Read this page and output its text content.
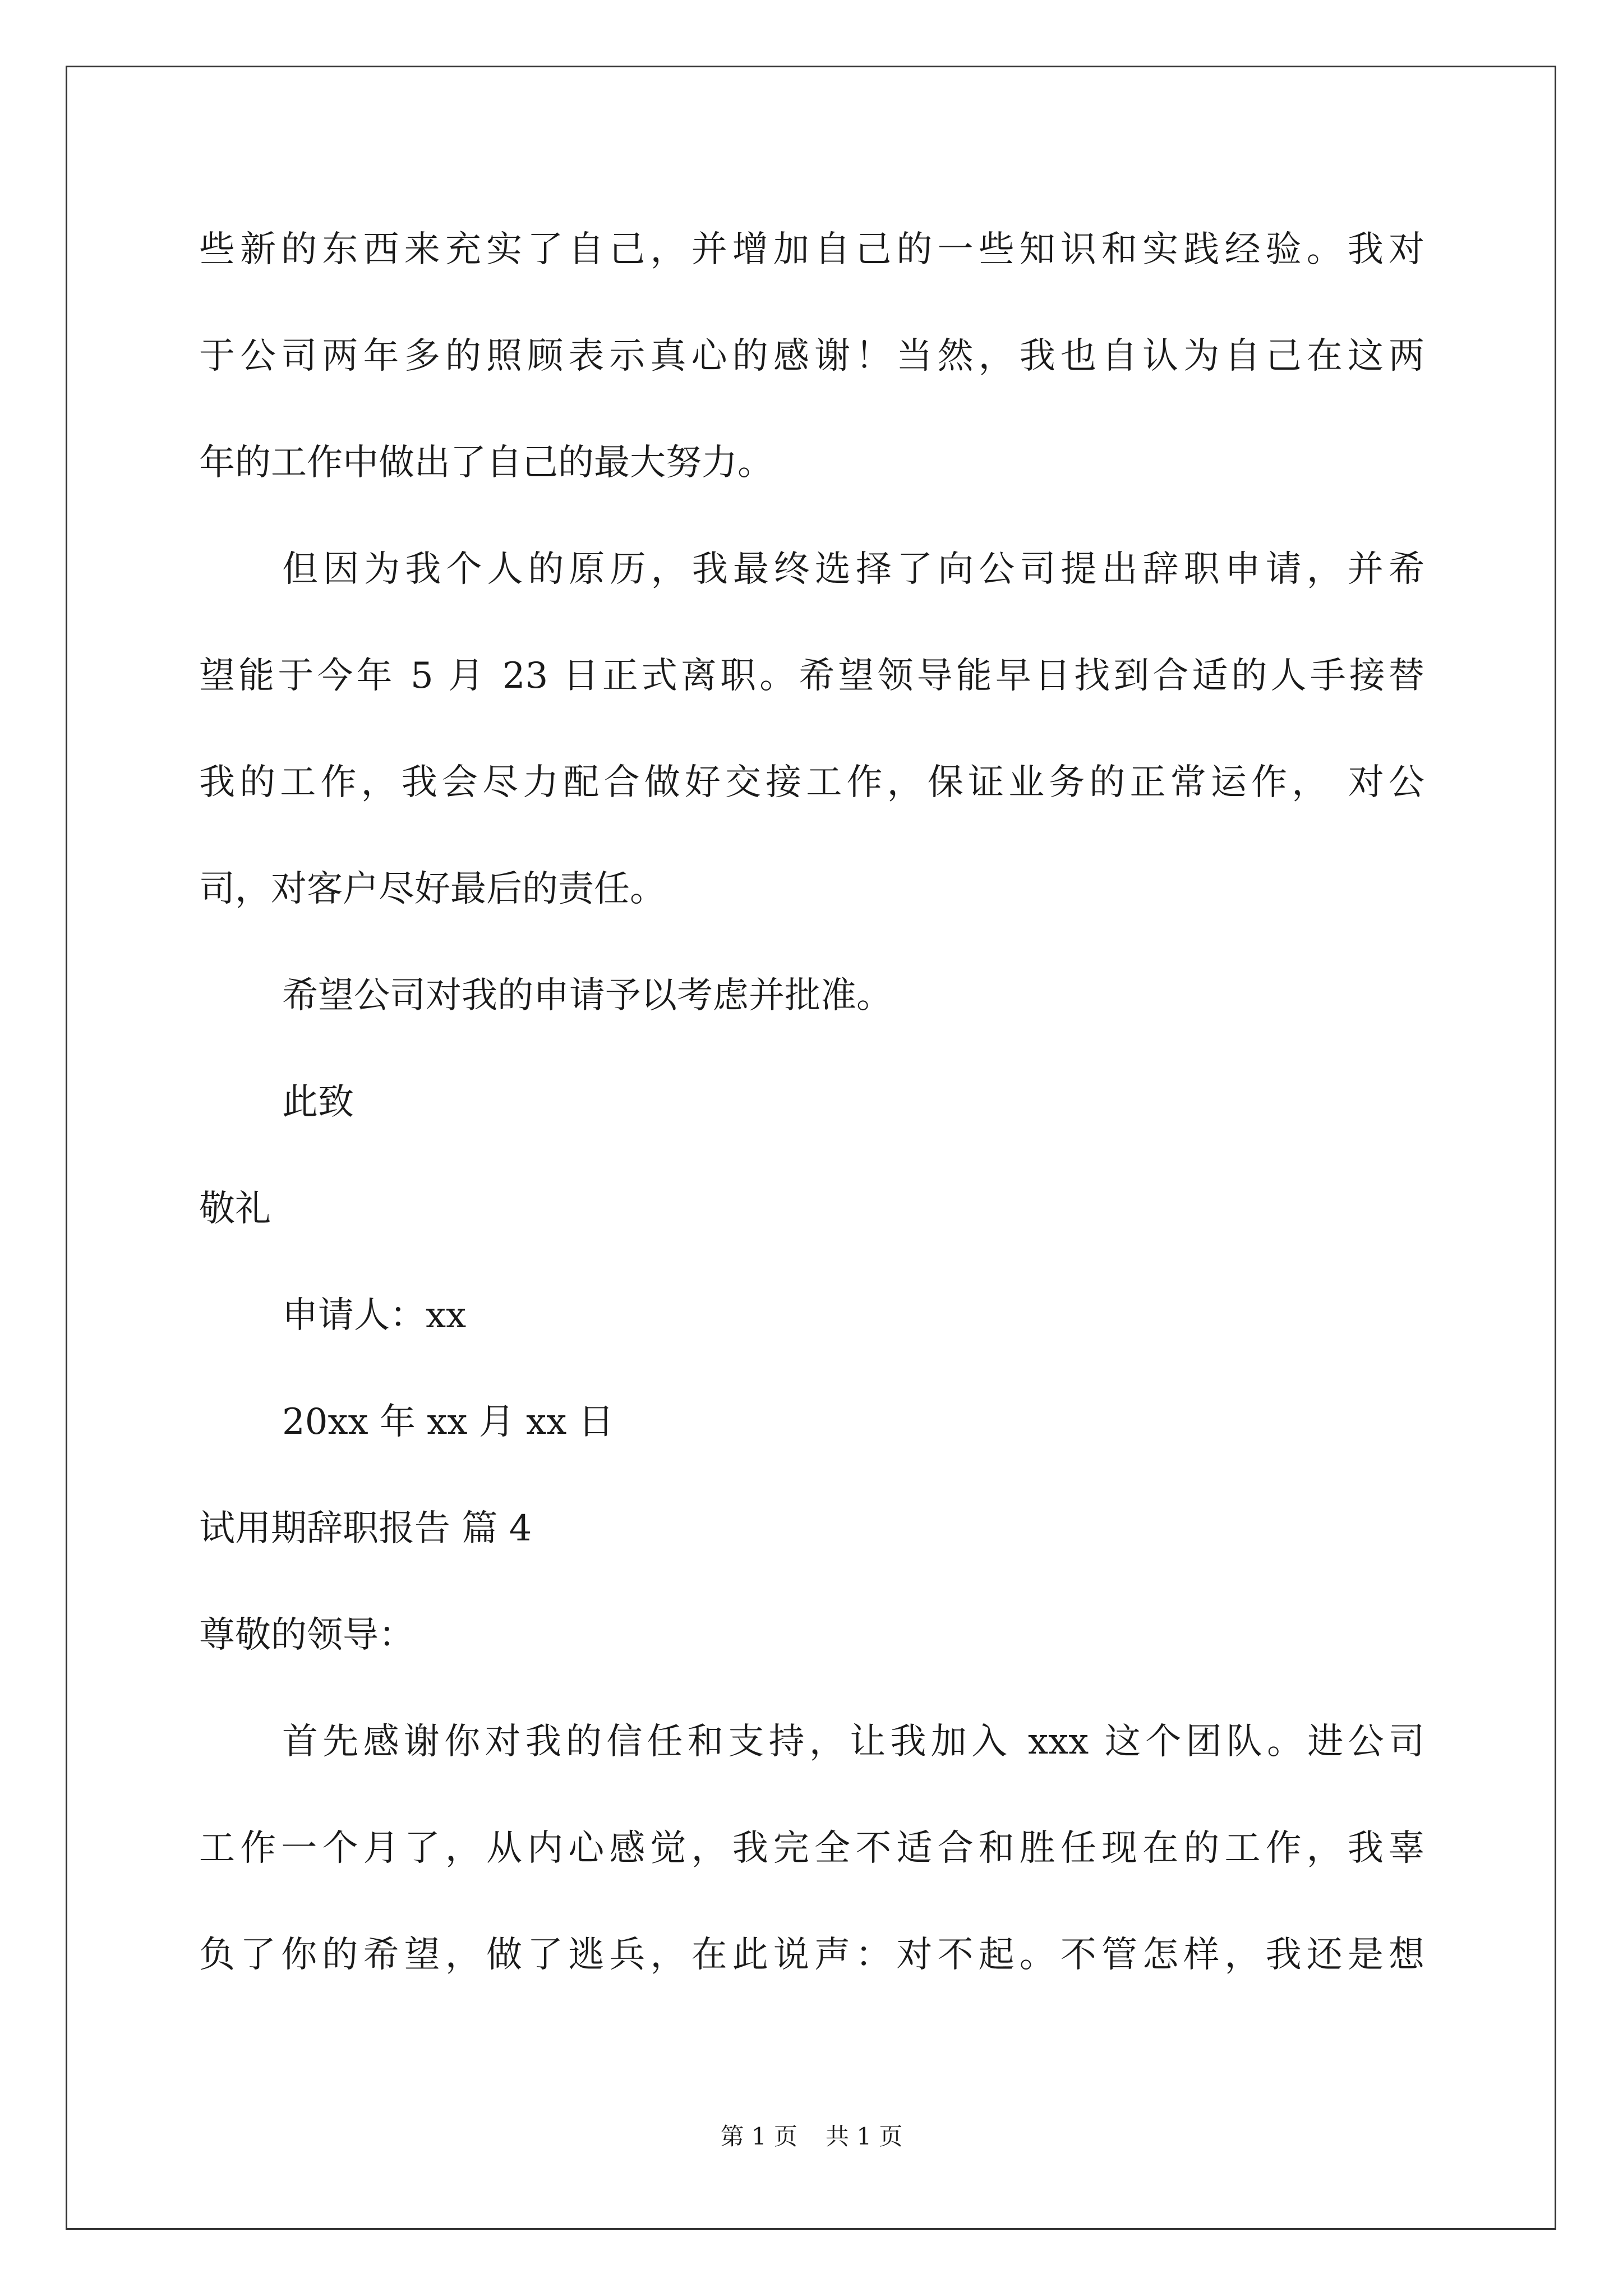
些新的东西来充实了自己，并增加自己的一些知识和实践经验。我对
于公司两年多的照顾表示真心的感谢！当然，我也自认为自己在这两
年的工作中做出了自己的最大努力。
但因为我个人的原历，我最终选择了向公司提出辞职申请，并希
望能于今年 5 月 23 日正式离职。希望领导能早日找到合适的人手接替
我的工作，我会尽力配合做好交接工作，保证业务的正常运作， 对公
司，对客户尽好最后的责任。
希望公司对我的申请予以考虑并批准。
此致
敬礼
申请人：xx
20xx 年 xx 月 xx 日
试用期辞职报告 篇 4
尊敬的领导：
首先感谢你对我的信任和支持，让我加入 xxx 这个团队。进公司
工作一个月了，从内心感觉，我完全不适合和胜任现在的工作，我辜
负了你的希望，做了逃兵，在此说声：对不起。不管怎样，我还是想
第 1 页 共 1 页
